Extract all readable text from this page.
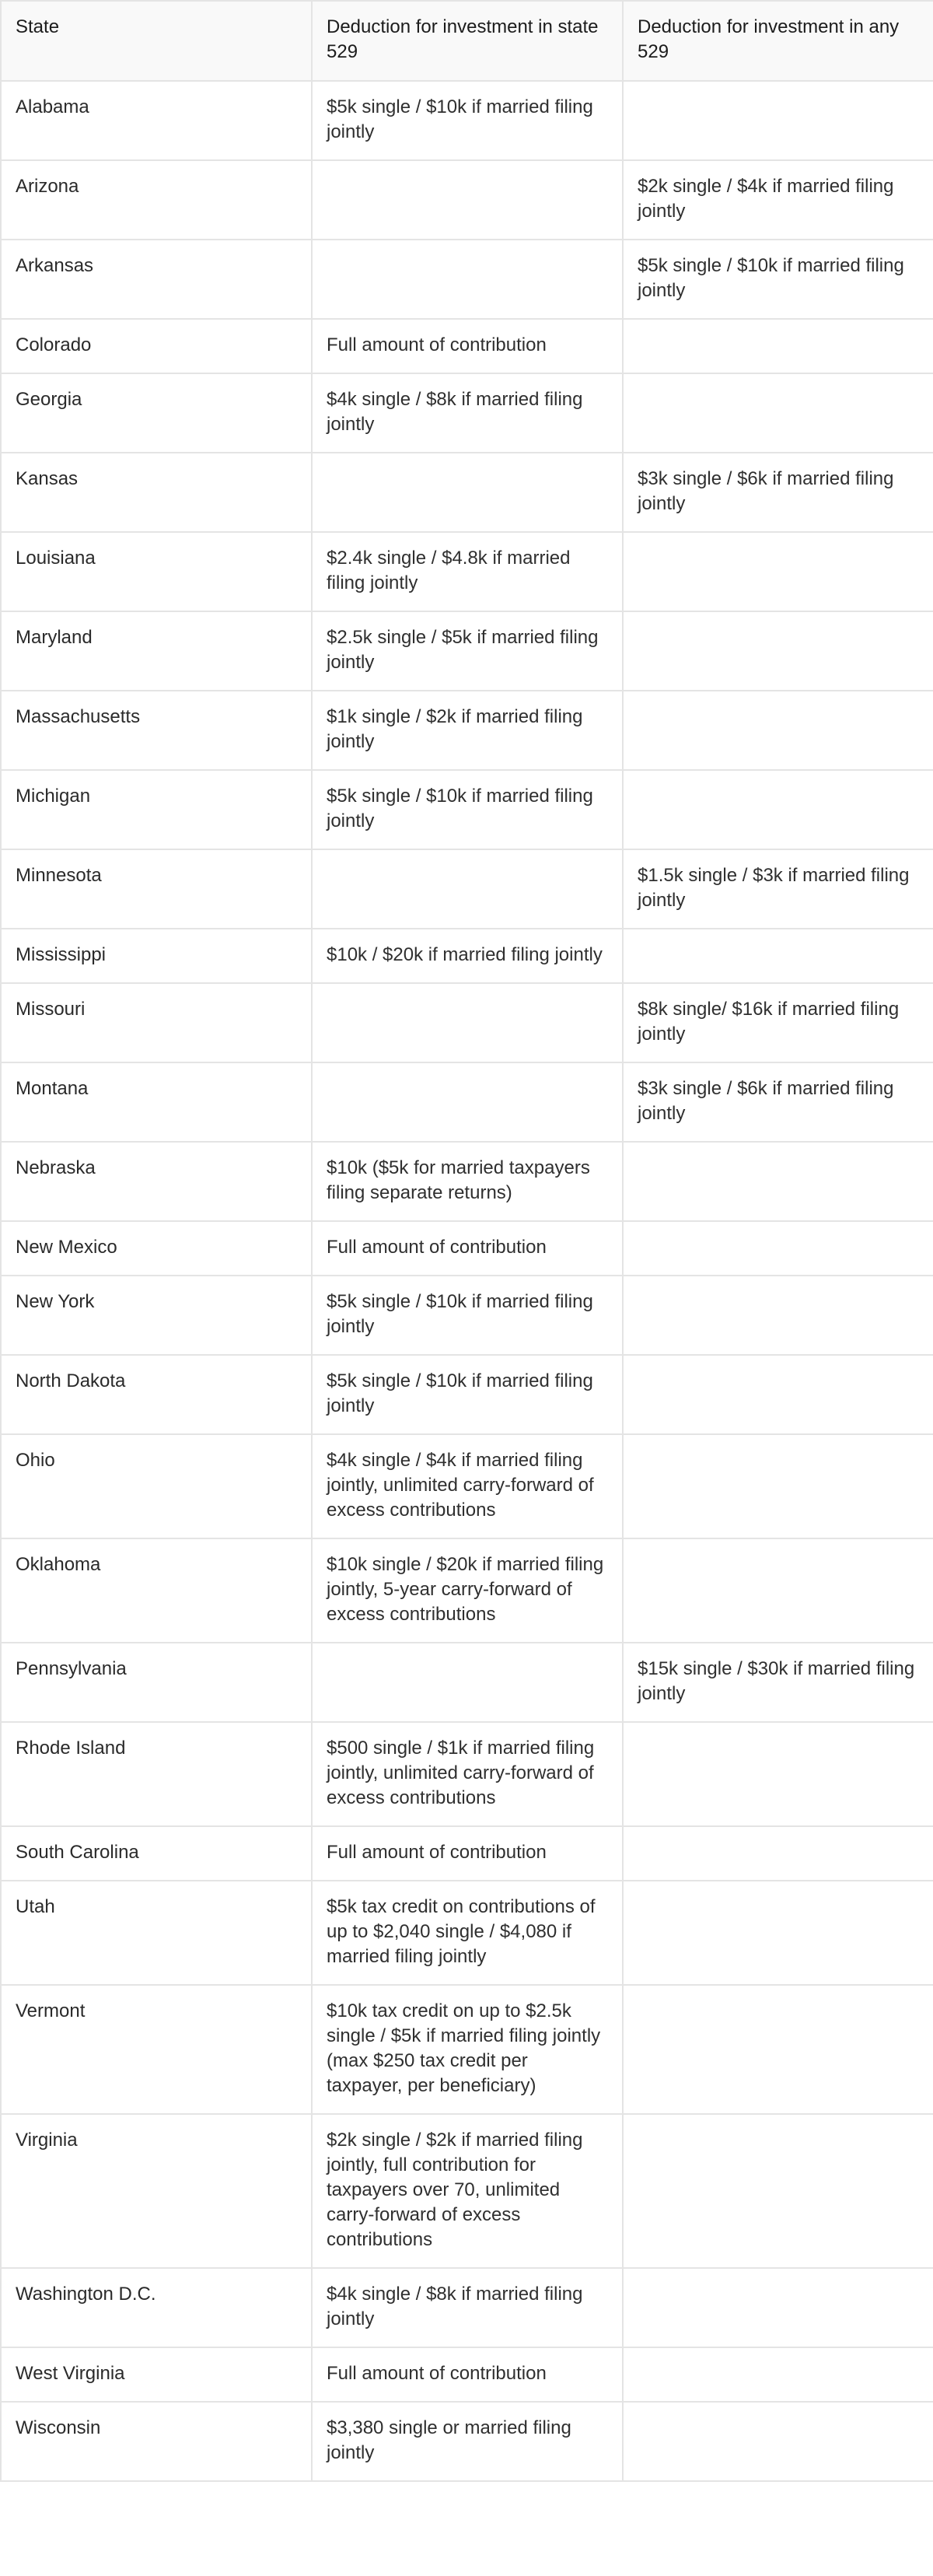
State	Deduction for investment in state 529	Deduction for investment in any 529
Alabama	$5k single / $10k if married filing jointly	
Arizona		$2k single / $4k if married filing jointly
Arkansas		$5k single / $10k if married filing jointly
Colorado	Full amount of contribution	
Georgia	$4k single / $8k if married filing jointly	
Kansas		$3k single / $6k if married filing jointly
Louisiana	$2.4k single / $4.8k if married filing jointly	
Maryland	$2.5k single / $5k if married filing jointly	
Massachusetts	$1k single / $2k if married filing jointly	
Michigan	$5k single / $10k if married filing jointly	
Minnesota		$1.5k single / $3k if married filing jointly
Mississippi	$10k / $20k if married filing jointly	
Missouri		$8k single/ $16k if married filing jointly
Montana		$3k single / $6k if married filing jointly
Nebraska	$10k ($5k for married taxpayers filing separate returns)	
New Mexico	Full amount of contribution	
New York	$5k single / $10k if married filing jointly	
North Dakota	$5k single / $10k if married filing jointly	
Ohio	$4k single / $4k if married filing jointly, unlimited carry-forward of excess contributions	
Oklahoma	$10k single / $20k if married filing jointly, 5-year carry-forward of excess contributions	
Pennsylvania		$15k single / $30k if married filing jointly
Rhode Island	$500 single / $1k if married filing jointly, unlimited carry-forward of excess contributions	
South Carolina	Full amount of contribution	
Utah	$5k tax credit on contributions of up to $2,040 single / $4,080 if married filing jointly	
Vermont	$10k tax credit on up to $2.5k single / $5k if married filing jointly (max $250 tax credit per taxpayer, per beneficiary)	
Virginia	$2k single / $2k if married filing jointly, full contribution for taxpayers over 70, unlimited carry-forward of excess contributions	
Washington D.C.	$4k single / $8k if married filing jointly	
West Virginia	Full amount of contribution	
Wisconsin	$3,380 single or married filing jointly	
